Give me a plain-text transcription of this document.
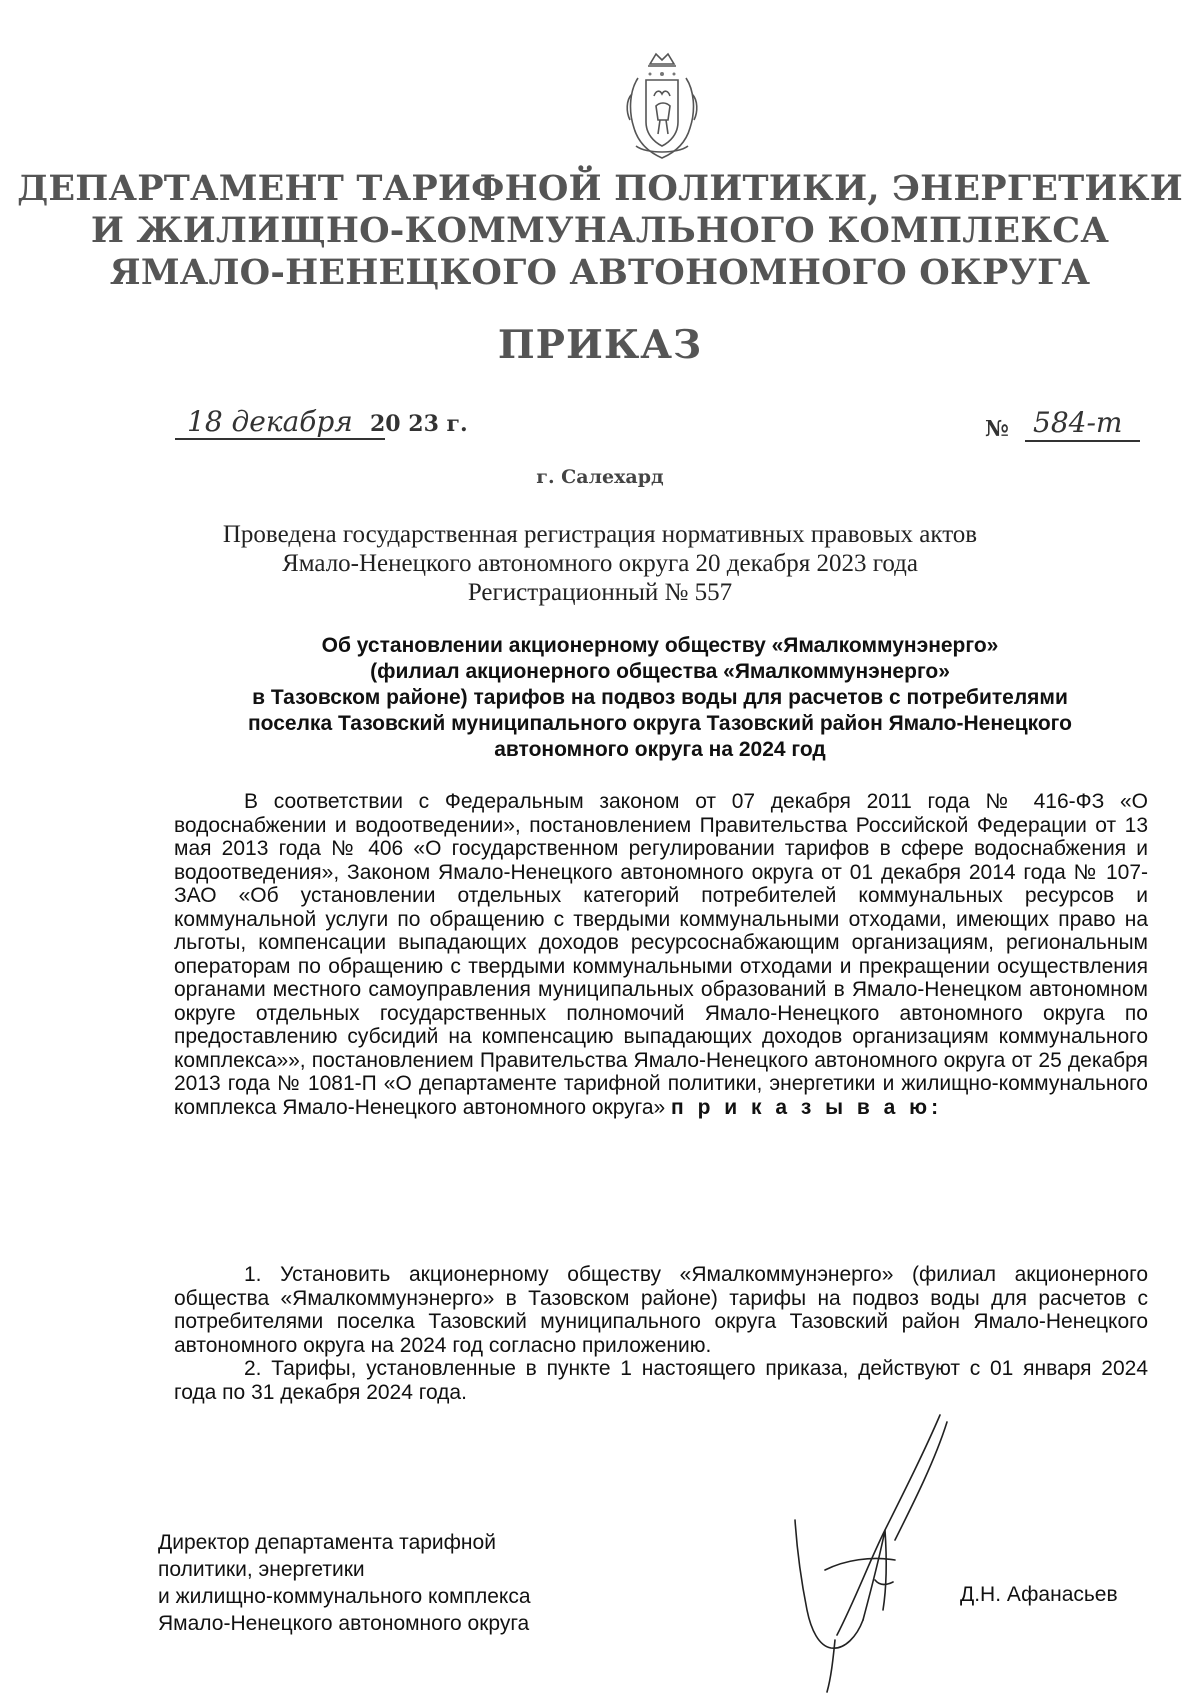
ДЕПАРТАМЕНТ ТАРИФНОЙ ПОЛИТИКИ, ЭНЕРГЕТИКИ
И ЖИЛИЩНО-КОММУНАЛЬНОГО КОМПЛЕКСА
ЯМАЛО-НЕНЕЦКОГО АВТОНОМНОГО ОКРУГА
ПРИКАЗ
18 декабря 20 23 г.	№ 584-т
г. Салехард
Проведена государственная регистрация нормативных правовых актов
Ямало-Ненецкого автономного округа 20 декабря 2023 года
Регистрационный № 557
Об установлении акционерному обществу «Ямалкоммунэнерго»
(филиал акционерного общества «Ямалкоммунэнерго»
в Тазовском районе) тарифов на подвоз воды для расчетов с потребителями
поселка Тазовский муниципального округа Тазовский район Ямало-Ненецкого
автономного округа на 2024 год

В соответствии с Федеральным законом от 07 декабря 2011 года № 416-ФЗ «О водоснабжении и водоотведении», постановлением Правительства Российской Федерации от 13 мая 2013 года № 406 «О государственном регулировании тарифов в сфере водоснабжения и водоотведения», Законом Ямало-Ненецкого автономного округа от 01 декабря 2014 года № 107-ЗАО «Об установлении отдельных категорий потребителей коммунальных ресурсов и коммунальной услуги по обращению с твердыми коммунальными отходами, имеющих право на льготы, компенсации выпадающих доходов ресурсоснабжающим организациям, региональным операторам по обращению с твердыми коммунальными отходами и прекращении осуществления органами местного самоуправления муниципальных образований в Ямало-Ненецком автономном округе отдельных государственных полномочий Ямало-Ненецкого автономного округа по предоставлению субсидий на компенсацию выпадающих доходов организациям коммунального комплекса»», постановлением Правительства Ямало-Ненецкого автономного округа от 25 декабря 2013 года № 1081-П «О департаменте тарифной политики, энергетики и жилищно-коммунального комплекса Ямало-Ненецкого автономного округа» п р и к а з ы в а ю:

1. Установить акционерному обществу «Ямалкоммунэнерго» (филиал акционерного общества «Ямалкоммунэнерго» в Тазовском районе) тарифы на подвоз воды для расчетов с потребителями поселка Тазовский муниципального округа Тазовский район Ямало-Ненецкого автономного округа на 2024 год согласно приложению.

2. Тарифы, установленные в пункте 1 настоящего приказа, действуют с 01 января 2024 года по 31 декабря 2024 года.

Директор департамента тарифной
политики, энергетики
и жилищно-коммунального комплекса
Ямало-Ненецкого автономного округа
Д.Н. Афанасьев
